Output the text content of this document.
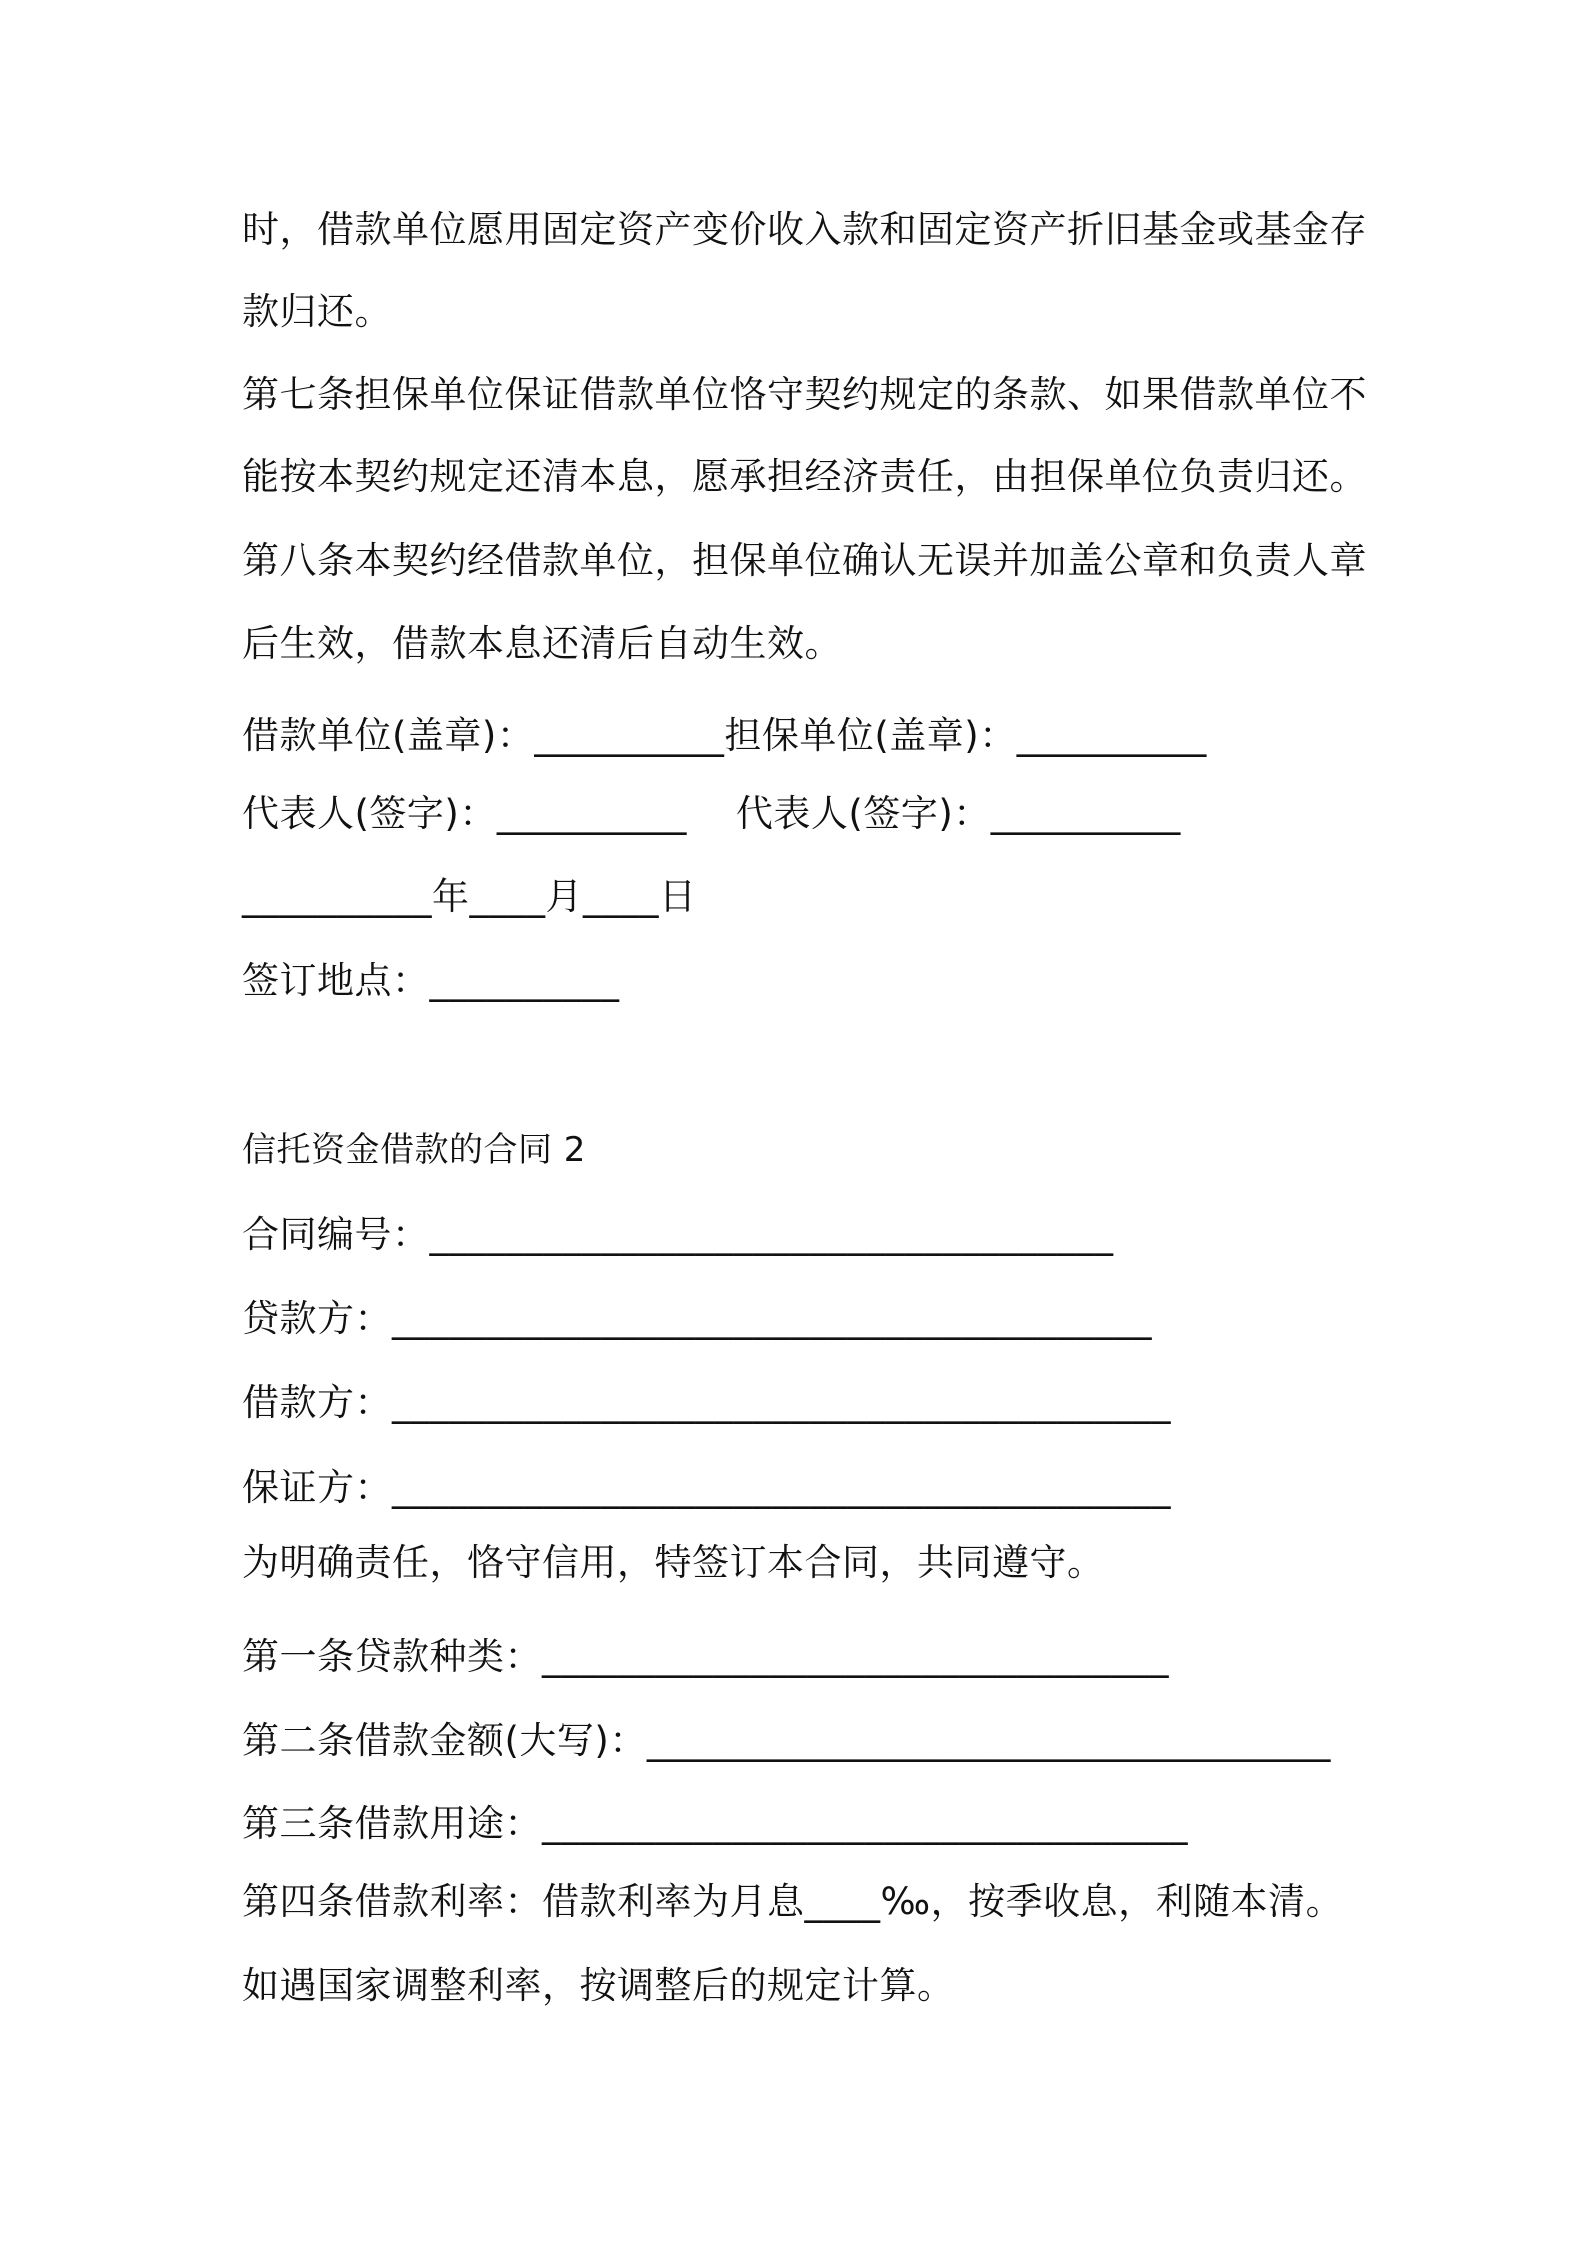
时，借款单位愿用固定资产变价收入款和固定资产折旧基金或基金存
款归还。
第七条担保单位保证借款单位恪守契约规定的条款、如果借款单位不
能按本契约规定还清本息，愿承担经济责任，由担保单位负责归还。
第八条本契约经借款单位，担保单位确认无误并加盖公章和负责人章
后生效，借款本息还清后自动生效。
借款单位(盖章)：__________担保单位(盖章)：__________
代表人(签字)：__________    代表人(签字)：__________
__________年____月____日
签订地点：__________
信托资金借款的合同 2
合同编号：____________________________________
贷款方：________________________________________
借款方：_________________________________________
保证方：_________________________________________
为明确责任，恪守信用，特签订本合同，共同遵守。
第一条贷款种类：_________________________________
第二条借款金额(大写)：____________________________________
第三条借款用途：__________________________________
第四条借款利率：借款利率为月息____‰，按季收息，利随本清。
如遇国家调整利率，按调整后的规定计算。
